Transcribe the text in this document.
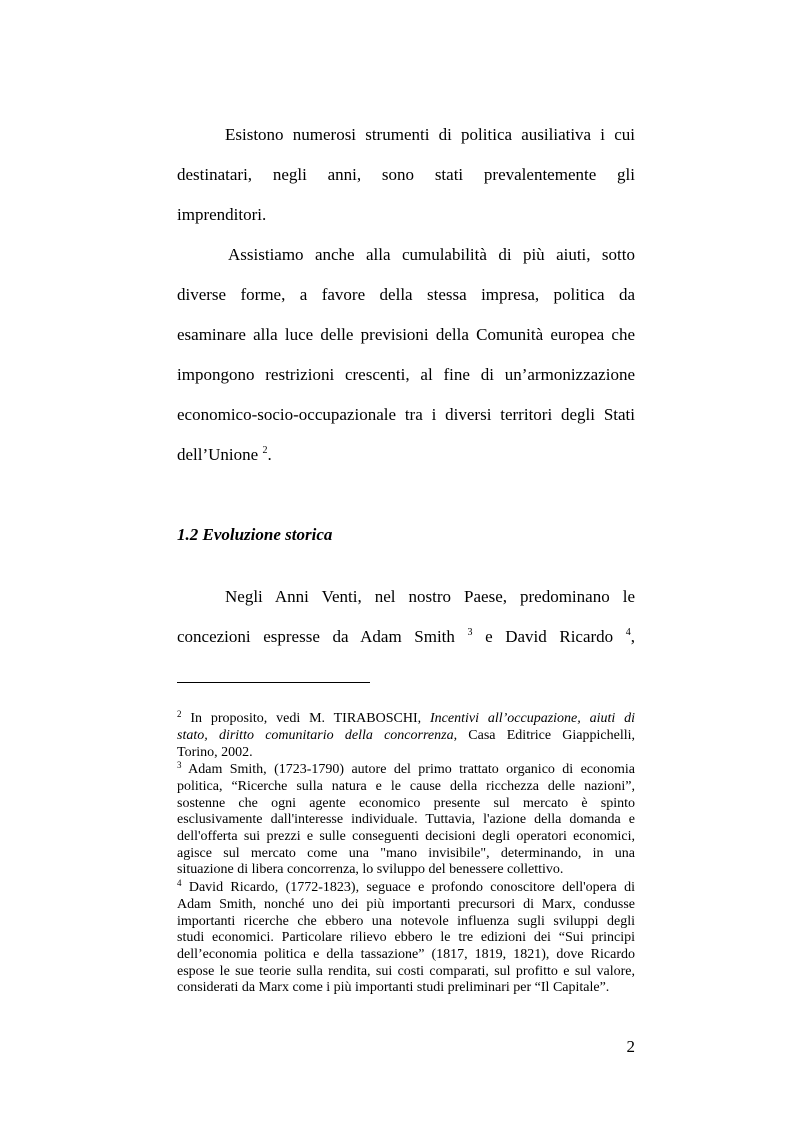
Esistono numerosi strumenti di politica ausiliativa i cui
destinatari, negli anni, sono stati prevalentemente gli
imprenditori.
Assistiamo anche alla cumulabilità di più aiuti, sotto
diverse forme, a favore della stessa impresa, politica da
esaminare alla luce delle previsioni della Comunità europea che
impongono restrizioni crescenti, al fine di un’armonizzazione
economico-socio-occupazionale tra i diversi territori degli Stati
dell’Unione $^2$.
1.2 Evoluzione storica
Negli Anni Venti, nel nostro Paese, predominano le
concezioni espresse da Adam Smith $^3$ e David Ricardo $^4$,
$^2$ In proposito, vedi M. TIRABOSCHI, Incentivi all’occupazione, aiuti di
stato, diritto comunitario della concorrenza, Casa Editrice Giappichelli,
Torino, 2002.
$^3$ Adam Smith, (1723-1790) autore del primo trattato organico di economia
politica, “Ricerche sulla natura e le cause della ricchezza delle nazioni”,
sostenne che ogni agente economico presente sul mercato è spinto
esclusivamente dall'interesse individuale. Tuttavia, l'azione della domanda e
dell'offerta sui prezzi e sulle conseguenti decisioni degli operatori economici,
agisce sul mercato come una "mano invisibile", determinando, in una
situazione di libera concorrenza, lo sviluppo del benessere collettivo.
$^4$ David Ricardo, (1772-1823), seguace e profondo conoscitore dell'opera di
Adam Smith, nonché uno dei più importanti precursori di Marx, condusse
importanti ricerche che ebbero una notevole influenza sugli sviluppi degli
studi economici. Particolare rilievo ebbero le tre edizioni dei “Sui principi
dell’economia politica e della tassazione” (1817, 1819, 1821), dove Ricardo
espose le sue teorie sulla rendita, sui costi comparati, sul profitto e sul valore,
considerati da Marx come i più importanti studi preliminari per “Il Capitale”.
2
